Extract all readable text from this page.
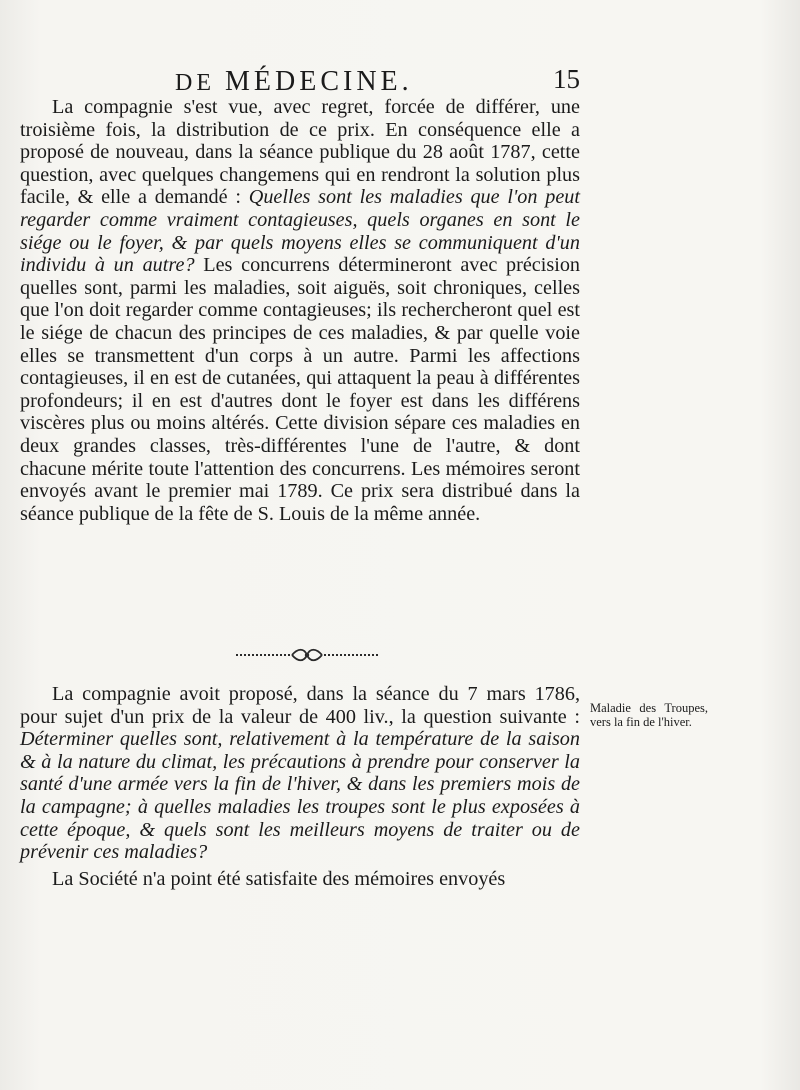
DE MÉDECINE.	15

La compagnie s'est vue, avec regret, forcée de différer, une troisième fois, la distribution de ce prix. En conséquence elle a proposé de nouveau, dans la séance publique du 28 août 1787, cette question, avec quelques changemens qui en rendront la solution plus facile, & elle a demandé : Quelles sont les maladies que l'on peut regarder comme vraiment contagieuses, quels organes en sont le siége ou le foyer, & par quels moyens elles se communiquent d'un individu à un autre? Les concurrens détermineront avec précision quelles sont, parmi les maladies, soit aiguës, soit chroniques, celles que l'on doit regarder comme contagieuses; ils rechercheront quel est le siége de chacun des principes de ces maladies, & par quelle voie elles se transmettent d'un corps à un autre. Parmi les affections contagieuses, il en est de cutanées, qui attaquent la peau à différentes profondeurs; il en est d'autres dont le foyer est dans les différens viscères plus ou moins altérés. Cette division sépare ces maladies en deux grandes classes, très-différentes l'une de l'autre, & dont chacune mérite toute l'attention des concurrens. Les mémoires seront envoyés avant le premier mai 1789. Ce prix sera distribué dans la séance publique de la fête de S. Louis de la même année.

La compagnie avoit proposé, dans la séance du 7 mars 1786, pour sujet d'un prix de la valeur de 400 liv., la question suivante : Déterminer quelles sont, relativement à la température de la saison & à la nature du climat, les précautions à prendre pour conserver la santé d'une armée vers la fin de l'hiver, & dans les premiers mois de la campagne; à quelles maladies les troupes sont le plus exposées à cette époque, & quels sont les meilleurs moyens de traiter ou de prévenir ces maladies?

La Société n'a point été satisfaite des mémoires envoyés

Maladie des Troupes, vers la fin de l'hiver.
